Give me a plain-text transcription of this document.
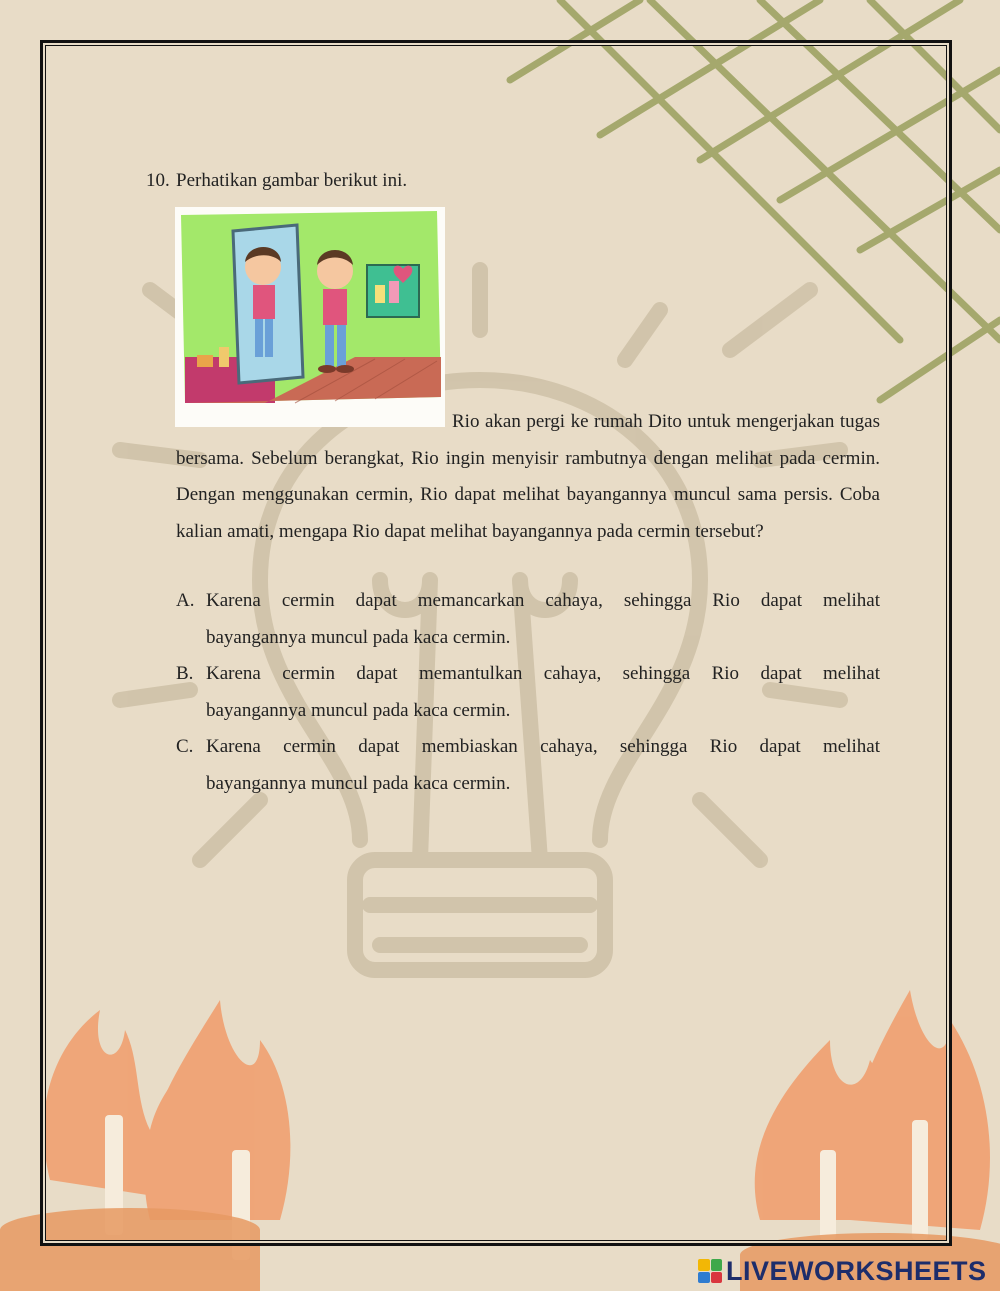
10. Perhatikan gambar berikut ini.
Rio akan pergi ke rumah Dito untuk mengerjakan tugas bersama. Sebelum berangkat, Rio ingin menyisir rambutnya dengan melihat pada cermin. Dengan menggunakan cermin, Rio dapat melihat bayangannya muncul sama persis. Coba kalian amati, mengapa Rio dapat melihat bayangannya pada cermin tersebut?
A. Karena cermin dapat memancarkan cahaya, sehingga Rio dapat melihat
bayangannya muncul pada kaca cermin.
B. Karena cermin dapat memantulkan cahaya, sehingga Rio dapat melihat
bayangannya muncul pada kaca cermin.
C. Karena cermin dapat membiaskan cahaya, sehingga Rio dapat melihat
bayangannya muncul pada kaca cermin.
LIVEWORKSHEETS
